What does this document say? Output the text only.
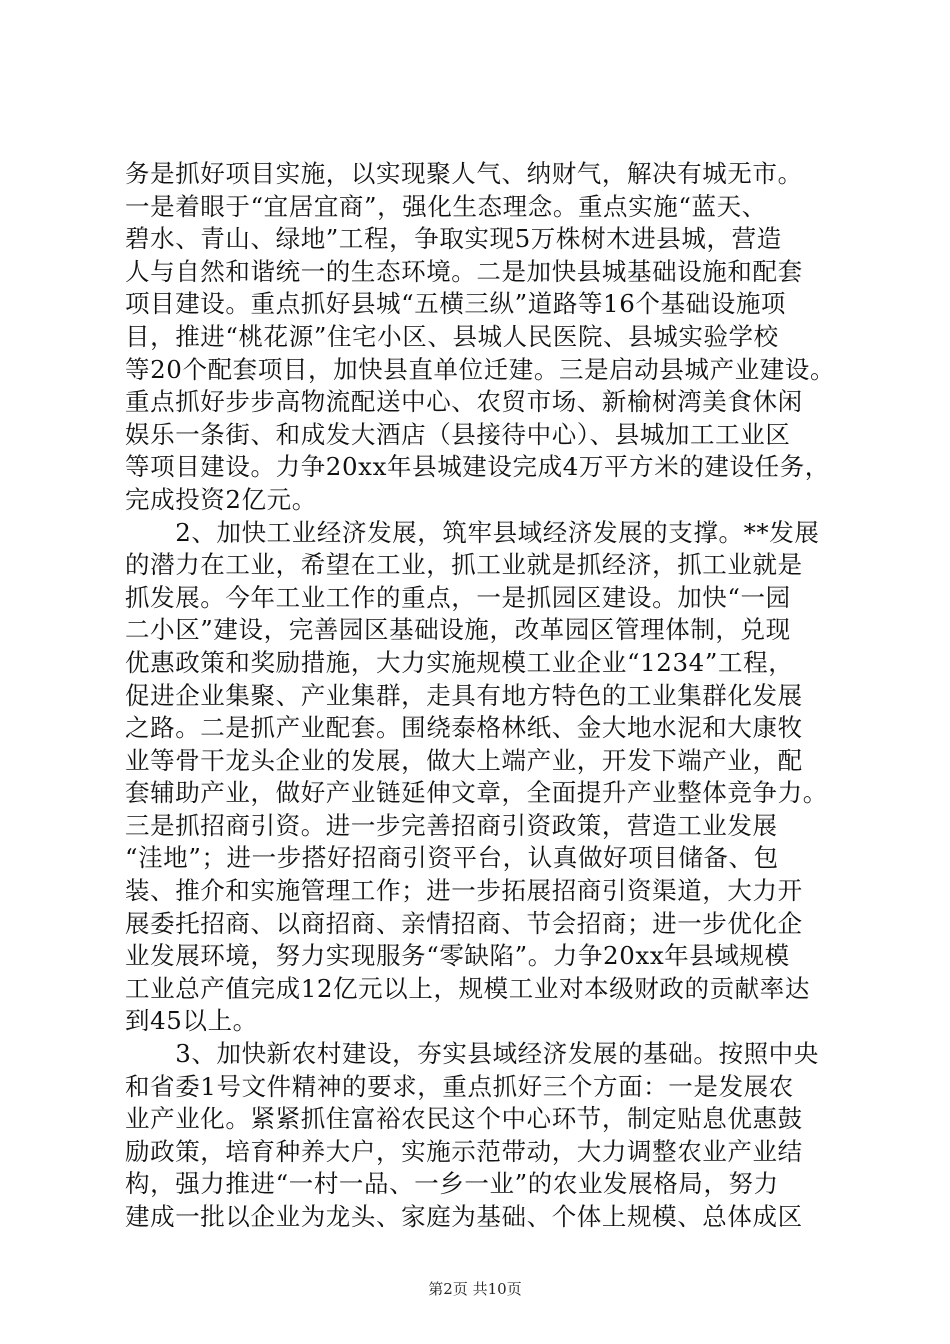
务是抓好项目实施，以实现聚人气、纳财气，解决有城无市。
一是着眼于“宜居宜商”，强化生态理念。重点实施“蓝天、
碧水、青山、绿地”工程，争取实现5万株树木进县城，营造
人与自然和谐统一的生态环境。二是加快县城基础设施和配套
项目建设。重点抓好县城“五横三纵”道路等16个基础设施项
目，推进“桃花源”住宅小区、县城人民医院、县城实验学校
等20个配套项目，加快县直单位迁建。三是启动县城产业建设。
重点抓好步步高物流配送中心、农贸市场、新榆树湾美食休闲
娱乐一条街、和成发大酒店（县接待中心）、县城加工工业区
等项目建设。力争20xx年县城建设完成4万平方米的建设任务，
完成投资2亿元。
　　2、加快工业经济发展，筑牢县域经济发展的支撑。**发展
的潜力在工业，希望在工业，抓工业就是抓经济，抓工业就是
抓发展。今年工业工作的重点，一是抓园区建设。加快“一园
二小区”建设，完善园区基础设施，改革园区管理体制，兑现
优惠政策和奖励措施，大力实施规模工业企业“1234”工程，
促进企业集聚、产业集群，走具有地方特色的工业集群化发展
之路。二是抓产业配套。围绕泰格林纸、金大地水泥和大康牧
业等骨干龙头企业的发展，做大上端产业，开发下端产业，配
套辅助产业，做好产业链延伸文章，全面提升产业整体竞争力。
三是抓招商引资。进一步完善招商引资政策，营造工业发展
“洼地”；进一步搭好招商引资平台，认真做好项目储备、包
装、推介和实施管理工作；进一步拓展招商引资渠道，大力开
展委托招商、以商招商、亲情招商、节会招商；进一步优化企
业发展环境，努力实现服务“零缺陷”。力争20xx年县域规模
工业总产值完成12亿元以上，规模工业对本级财政的贡献率达
到45以上。
　　3、加快新农村建设，夯实县域经济发展的基础。按照中央
和省委1号文件精神的要求，重点抓好三个方面：一是发展农
业产业化。紧紧抓住富裕农民这个中心环节，制定贴息优惠鼓
励政策，培育种养大户，实施示范带动，大力调整农业产业结
构，强力推进“一村一品、一乡一业”的农业发展格局，努力
建成一批以企业为龙头、家庭为基础、个体上规模、总体成区
第2页 共10页
